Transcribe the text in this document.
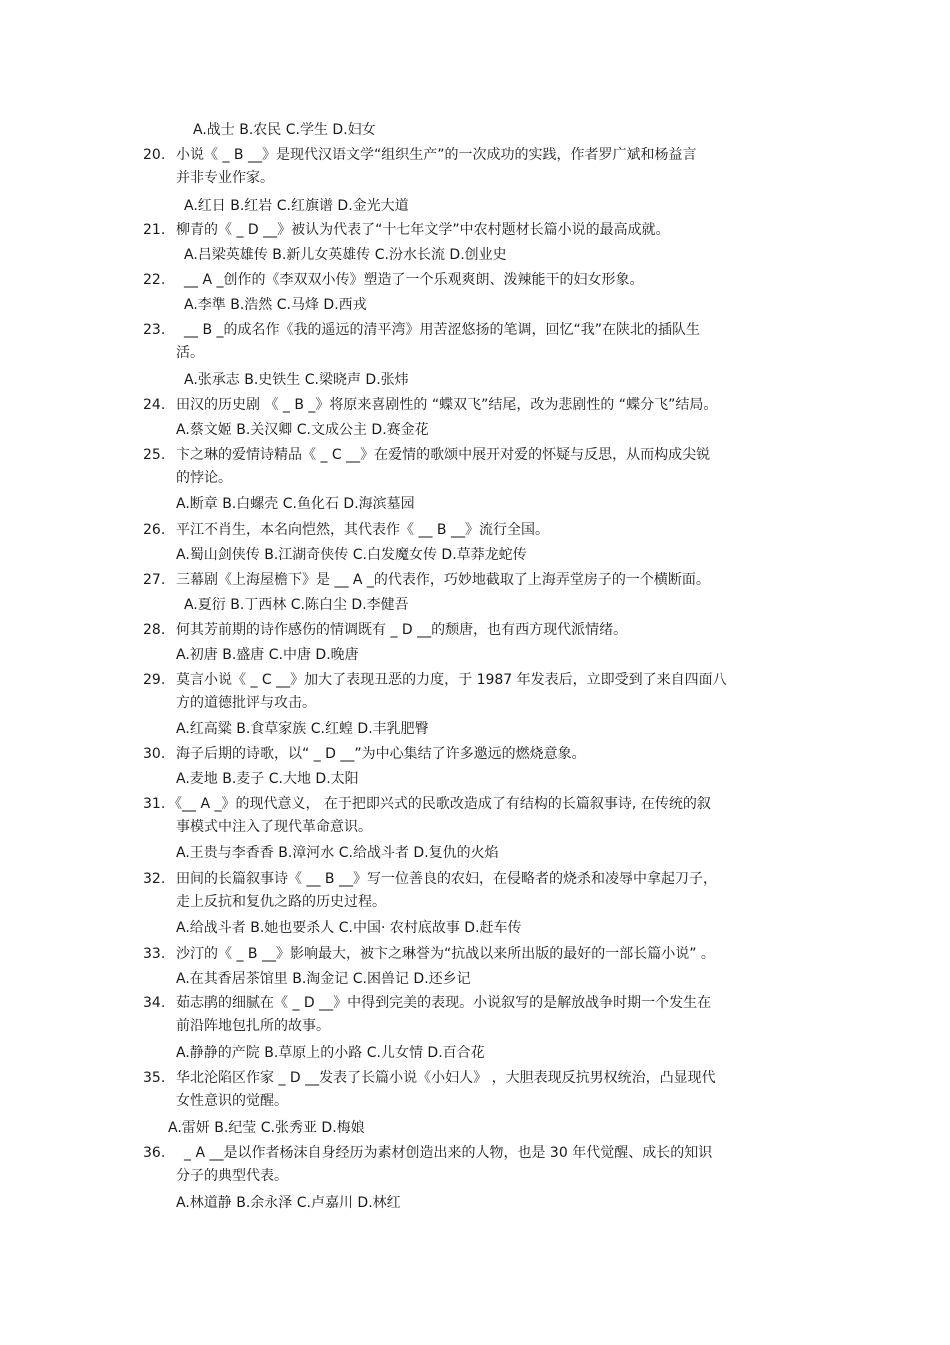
A.战士 B.农民 C.学生 D.妇女
20. 小说《 _ B __》是现代汉语文学“组织生产”的一次成功的实践，作者罗广斌和杨益言
并非专业作家。
A.红日 B.红岩 C.红旗谱 D.金光大道
21. 柳青的《 _ D __》被认为代表了“十七年文学”中农村题材长篇小说的最高成就。
A.吕梁英雄传 B.新儿女英雄传 C.汾水长流 D.创业史
22. __ A _创作的《李双双小传》塑造了一个乐观爽朗、泼辣能干的妇女形象。
A.李準 B.浩然 C.马烽 D.西戎
23. __ B _的成名作《我的遥远的清平湾》用苦涩悠扬的笔调，回忆“我”在陕北的插队生
活。
A.张承志 B.史铁生 C.梁晓声 D.张炜
24. 田汉的历史剧 《 _ B _》将原来喜剧性的 “蝶双飞”结尾，改为悲剧性的 “蝶分飞”结局。
A.蔡文姬 B.关汉卿 C.文成公主 D.赛金花
25. 卞之琳的爱情诗精品《 _ C __》在爱情的歌颂中展开对爱的怀疑与反思，从而构成尖锐
的悖论。
A.断章 B.白螺壳 C.鱼化石 D.海滨墓园
26. 平江不肖生，本名向恺然，其代表作《 __ B __》流行全国。
A.蜀山剑侠传 B.江湖奇侠传 C.白发魔女传 D.草莽龙蛇传
27. 三幕剧《上海屋檐下》是 __ A _的代表作，巧妙地截取了上海弄堂房子的一个横断面。
A.夏衍 B.丁西林 C.陈白尘 D.李健吾
28. 何其芳前期的诗作感伤的情调既有 _ D __的颓唐，也有西方现代派情绪。
A.初唐 B.盛唐 C.中唐 D.晚唐
29. 莫言小说《 _ C __》加大了表现丑恶的力度，于 1987 年发表后，立即受到了来自四面八
方的道德批评与攻击。
A.红高粱 B.食草家族 C.红蝗 D.丰乳肥臀
30. 海子后期的诗歌，以“ _ D __”为中心集结了许多邀远的燃烧意象。
A.麦地 B.麦子 C.大地 D.太阳
31. 《__ A _》的现代意义， 在于把即兴式的民歌改造成了有结构的长篇叙事诗, 在传统的叙
事模式中注入了现代革命意识。
A.王贵与李香香 B.漳河水 C.给战斗者 D.复仇的火焰
32. 田间的长篇叙事诗《 __ B __》写一位善良的农妇，在侵略者的烧杀和凌辱中拿起刀子，
走上反抗和复仇之路的历史过程。
A.给战斗者 B.她也要杀人 C.中国· 农村底故事 D.赶车传
33. 沙汀的《 _ B __》影响最大，被卞之琳誉为“抗战以来所出版的最好的一部长篇小说” 。
A.在其香居茶馆里 B.淘金记 C.困兽记 D.还乡记
34. 茹志鹃的细腻在《 _ D __》中得到完美的表现。小说叙写的是解放战争时期一个发生在
前沿阵地包扎所的故事。
A.静静的产院 B.草原上的小路 C.儿女情 D.百合花
35. 华北沦陷区作家 _ D __发表了长篇小说《小妇人》 ，大胆表现反抗男权统治，凸显现代
女性意识的觉醒。
A.雷妍 B.纪莹 C.张秀亚 D.梅娘
36. _ A __是以作者杨沫自身经历为素材创造出来的人物，也是 30 年代觉醒、成长的知识
分子的典型代表。
A.林道静 B.余永泽 C.卢嘉川 D.林红
